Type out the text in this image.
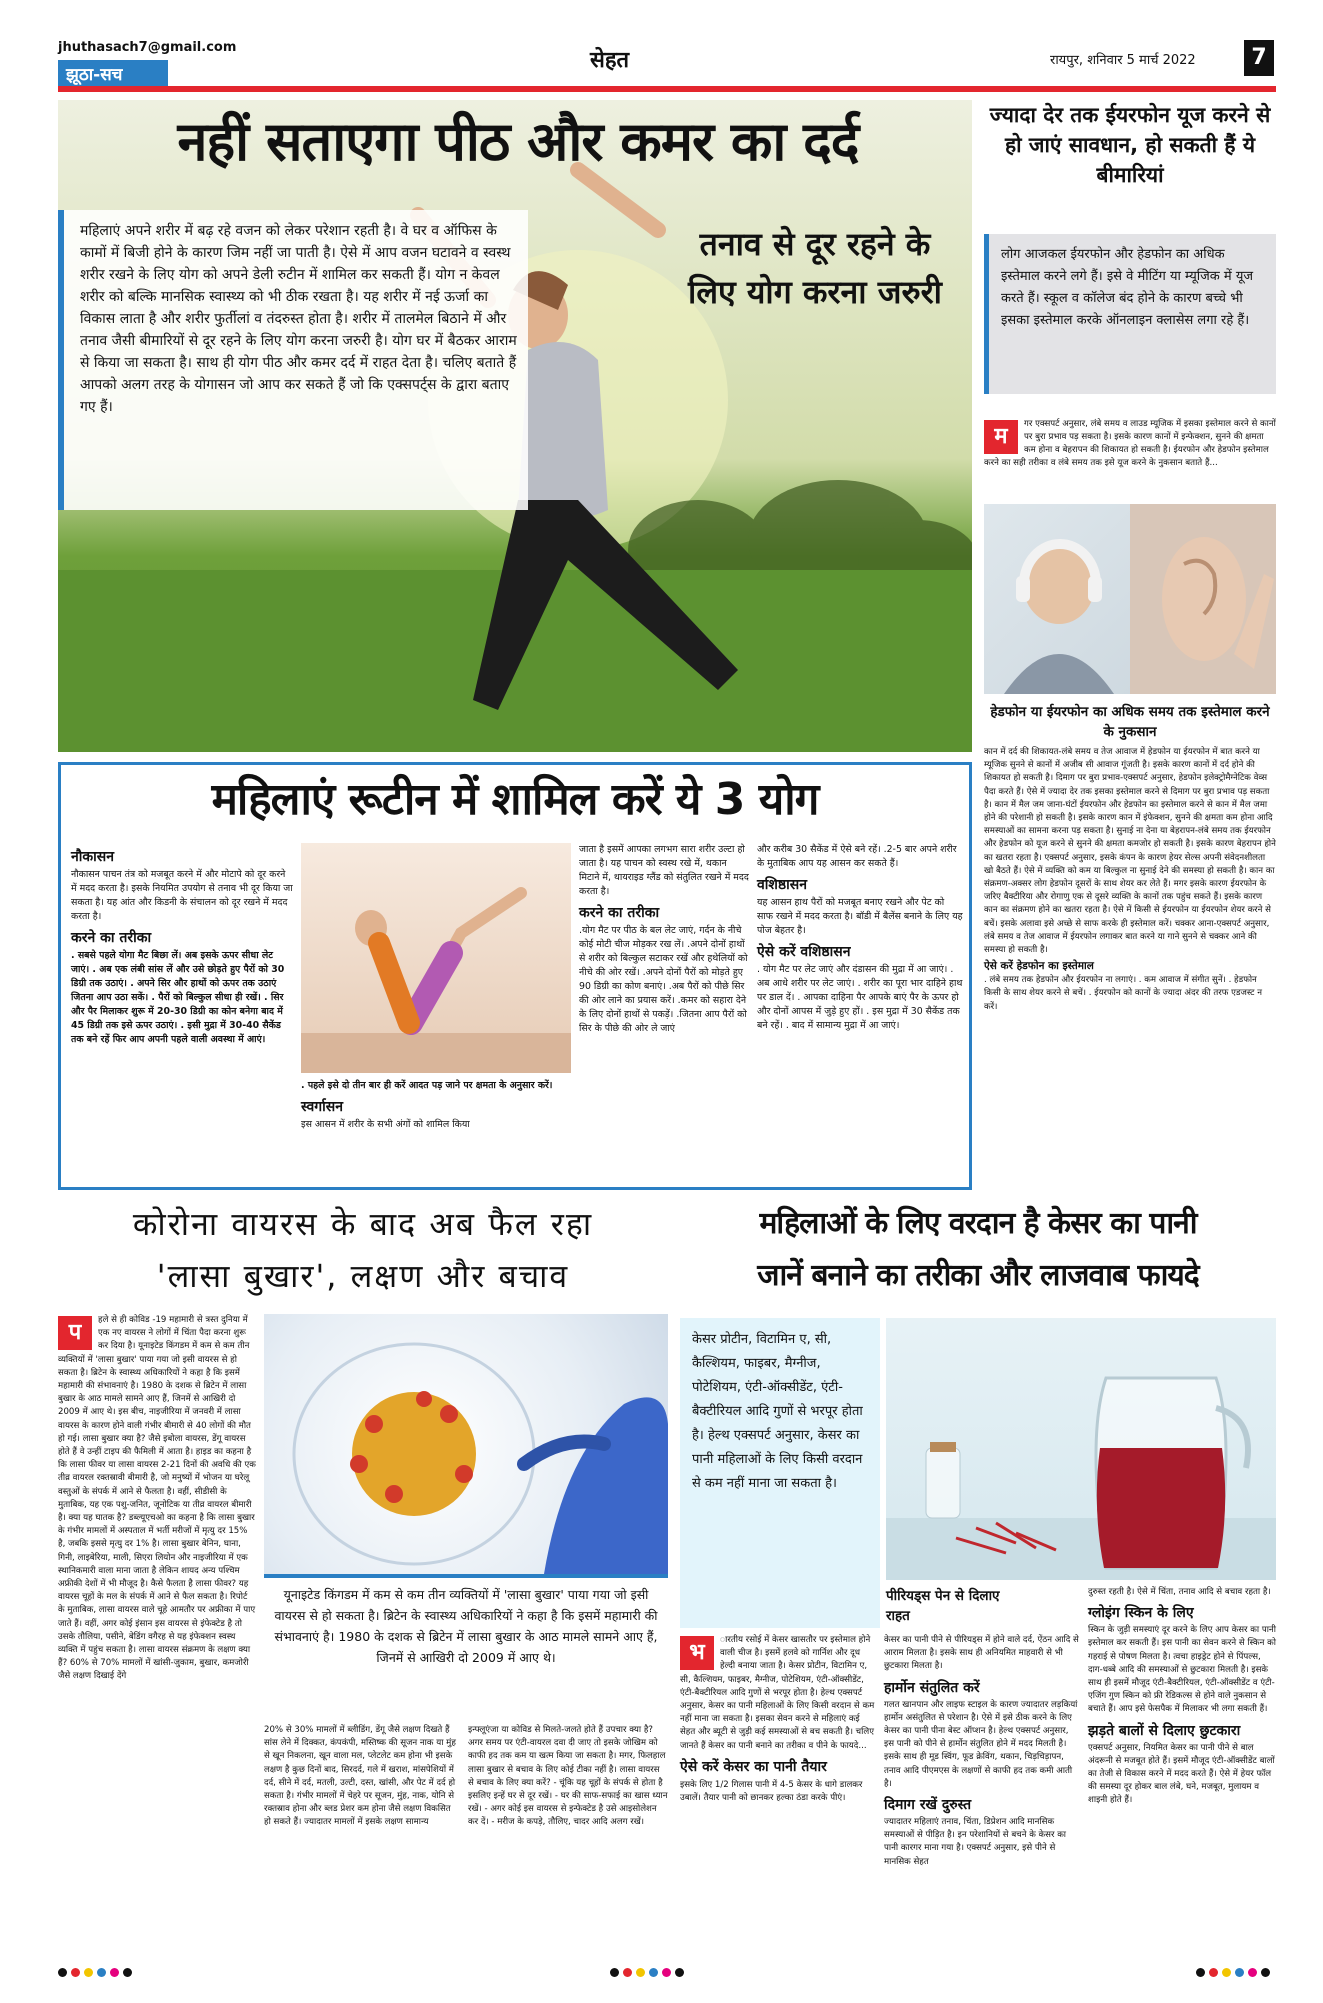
jhuthasach7@gmail.com
झूठा-सच
सेहत	रायपुर, शनिवार 5 मार्च 2022	7
नहीं सताएगा पीठ और कमर का दर्द
तनाव से दूर रहने के लिए योग करना जरुरी

महिलाएं अपने शरीर में बढ़ रहे वजन को लेकर परेशान रहती है। वे घर व ऑफिस के कामों में बिजी होने के कारण जिम नहीं जा पाती है। ऐसे में आप वजन घटावने व स्वस्थ शरीर रखने के लिए योग को अपने डेली रुटीन में शामिल कर सकती हैं। योग न केवल शरीर को बल्कि मानसिक स्वास्थ्य को भी ठीक रखता है। यह शरीर में नई ऊर्जा का विकास लाता है और शरीर फुर्तीलां व तंदरुस्त होता है। शरीर में तालमेल बिठाने में और तनाव जैसी बीमारियों से दूर रहने के लिए योग करना जरुरी है। योग घर में बैठकर आराम से किया जा सकता है। साथ ही योग पीठ और कमर दर्द में राहत देता है। चलिए बताते हैं आपको अलग तरह के योगासन जो आप कर सकते हैं जो कि एक्सपर्ट्स के द्वारा बताए गए हैं।

महिलाएं रूटीन में शामिल करें ये 3 योग
नौकासन

नौकासन पाचन तंत्र को मजबूत करने में और मोटापे को दूर करने में मदद करता है। इसके नियमित उपयोग से तनाव भी दूर किया जा सकता है। यह आंत और किडनी के संचालन को दूर रखने में मदद करता है।

करने का तरीका

. सबसे पहले योगा मैट बिछा लें। अब इसके ऊपर सीधा लेट जाएं। . अब एक लंबी सांस लें और उसे छोड़ते हुए पैरों को 30 डिग्री तक उठाएं। . अपने सिर और हाथों को ऊपर तक उठाएं जितना आप उठा सकें। . पैरों को बिल्कुल सीधा ही रखें। . सिर और पैर मिलाकर शुरू में 20-30 डिग्री का कोन बनेगा बाद में 45 डिग्री तक इसे ऊपर उठाएं। . इसी मुद्रा में 30-40 सैकेंड तक बने रहें फिर आप अपनी पहले वाली अवस्था में आएं।

. पहले इसे दो तीन बार ही करें आदत पड़ जाने पर क्षमता के अनुसार करें।

स्वर्गासन

इस आसन में शरीर के सभी अंगों को शामिल किया

जाता है इसमें आपका लगभग सारा शरीर उल्टा हो जाता है। यह पाचन को स्वस्थ रखे में, थकान मिटाने में, थायराइड ग्लैंड को संतुलित रखने में मदद करता है।

करने का तरीका

.योग मैट पर पीठ के बल लेट जाएं, गर्दन के नीचे कोई मोटी चीज मोड़कर रख लें। .अपने दोनों हाथों से शरीर को बिल्कुल सटाकर रखें और हथेलियों को नीचे की ओर रखें। .अपने दोनों पैरों को मोड़ते हुए 90 डिग्री का कोण बनाएं। .अब पैरों को पीछे सिर की ओर लाने का प्रयास करें। .कमर को सहारा देने के लिए दोनों हाथों से पकड़ें। .जितना आप पैरों को सिर के पीछे की ओर ले जाएं

और करीब 30 सैकेंड में ऐसे बने रहें। .2-5 बार अपने शरीर के मुताबिक आप यह आसन कर सकते हैं।

वशिष्ठासन

यह आसन हाथ पैरों को मजबूत बनाए रखने और पेट को साफ रखने में मदद करता है। बॉडी में बैलेंस बनाने के लिए यह पोज बेहतर है।

ऐसे करें वशिष्ठासन

. योग मैट पर लेट जाएं और दंडासन की मुद्रा में आ जाएं। . अब आधे शरीर पर लेट जाएं। . शरीर का पूरा भार दाहिने हाथ पर डाल दें। . आपका दाहिना पैर आपके बाएं पैर के ऊपर हो और दोनों आपस में जुड़े हुए हों। . इस मुद्रा में 30 सैकेंड तक बने रहें। . बाद में सामान्य मुद्रा में आ जाएं।

ज्यादा देर तक ईयरफोन यूज करने से हो जाएं सावधान, हो सकती हैं ये बीमारियां

लोग आजकल ईयरफोन और हेडफोन का अधिक इस्तेमाल करने लगे हैं। इसे वे मीटिंग या म्यूजिक में यूज करते हैं। स्कूल व कॉलेज बंद होने के कारण बच्चे भी इसका इस्तेमाल करके ऑनलाइन क्लासेस लगा रहे हैं।

म	गर एक्सपर्ट अनुसार, लंबे समय व लाउड म्यूजिक में इसका इस्तेमाल करने से कानों पर बुरा प्रभाव पड़ सकता है। इसके कारण कानों में इन्फेक्शन, सुनने की क्षमता कम होना व बेहरापन की शिकायत हो सकती है। ईयरफोन और हेडफोन इस्तेमाल करने का सही तरीका व लंबे समय तक इसे यूज करने के नुकसान बताते हैं...

हेडफोन या ईयरफोन का अधिक समय तक इस्तेमाल करने के नुकसान

कान में दर्द की शिकायत-लंबे समय व तेज आवाज में हेडफोन या ईयरफोन में बात करने या म्यूजिक सुनने से कानों में अजीब सी आवाज गूंजती है। इसके कारण कानों में दर्द होने की शिकायत हो सकती है। दिमाग पर बुरा प्रभाव-एक्सपर्ट अनुसार, हेडफोन इलेक्ट्रोमैग्नेटिक वेव्स पैदा करते हैं। ऐसे में ज्यादा देर तक इसका इस्तेमाल करने से दिमाग पर बुरा प्रभाव पड़ सकता है। कान में मैल जम जाना-घंटों ईयरफोन और हेडफोन का इस्तेमाल करने से कान में मैल जमा होने की परेशानी हो सकती है। इसके कारण कान में इंफेक्शन, सुनने की क्षमता कम होना आदि समस्याओं का सामना करना पड़ सकता है। सुनाई ना देना या बेहरापन-लंबे समय तक ईयरफोन और हेडफोन को यूज करने से सुनने की क्षमता कमजोर हो सकती है। इसके कारण बेहरापन होने का खतरा रहता है। एक्सपर्ट अनुसार, इसके कंपन के कारण हेयर सेल्स अपनी संवेदनशीलता खो बैठते हैं। ऐसे में व्यक्ति को कम या बिल्कुल ना सुनाई देने की समस्या हो सकती है। कान का संक्रमण-अक्सर लोग हेडफोन दूसरों के साथ शेयर कर लेते हैं। मगर इसके कारण ईयरफोन के जरिए बैक्टीरिया और रोगाणु एक से दूसरे व्यक्ति के कानों तक पहुंच सकते हैं। इसके कारण कान का संक्रमण होने का खतरा रहता है। ऐसे में किसी से ईयरफोन या ईयरफोन शेयर करने से बचें। इसके अलावा इसे अच्छे से साफ करके ही इस्तेमाल करें। चक्कर आना-एक्सपर्ट अनुसार, लंबे समय व तेज आवाज में ईयरफोन लगाकर बात करने या गाने सुनने से चक्कर आने की समस्या हो सकती है।

ऐसे करें हेडफोन का इस्तेमाल

. लंबे समय तक हेडफोन और ईयरफोन ना लगाएं। . कम आवाज में संगीत सुनें। . हेडफोन किसी के साथ शेयर करने से बचें। . ईयरफोन को कानों के ज्यादा अंदर की तरफ एडजस्ट न करें।

कोरोना वायरस के बाद अब फैल रहा
'लासा बुखार', लक्षण और बचाव
प	हले से ही कोविड -19 महामारी से त्रस्त दुनिया में एक नए वायरस ने लोगों में चिंता पैदा करना शुरू कर दिया है। यूनाइटेड किंगडम में कम से कम तीन व्यक्तियों में 'लासा बुखार' पाया गया जो इसी वायरस से हो सकता है। ब्रिटेन के स्वास्थ्य अधिकारियों ने कहा है कि इसमें महामारी की संभावनाएं है। 1980 के दशक से ब्रिटेन में लासा बुखार के आठ मामले सामने आए हैं, जिनमें से आखिरी दो 2009 में आए थे। इस बीच, नाइजीरिया में जनवरी में लासा वायरस के कारण होने वाली गंभीर बीमारी से 40 लोगों की मौत हो गई। लासा बुखार क्या है? जैसे इबोला वायरस, डेंगू वायरस होते हैं वे उन्हीं टाइप की फैमिली में आता है। हाइड का कहना है कि लासा फीवर या लासा वायरस 2-21 दिनों की अवधि की एक तीव्र वायरल रक्तस्रावी बीमारी है, जो मनुष्यों में भोजन या घरेलू वस्तुओं के संपर्क में आने से फैलता है। वहीं, सीडीसी के मुताबिक, यह एक पशु-जनित, जूनोटिक या तीव्र वायरल बीमारी है। क्या यह घातक है? डब्ल्यूएचओ का कहना है कि लासा बुखार के गंभीर मामलों में अस्पताल में भर्ती मरीजों में मृत्यु दर 15% है, जबकि इससे मृत्यु दर 1% है। लासा बुखार बेनिन, घाना, गिनी, लाइबेरिया, माली, सिएरा लियोन और नाइजीरिया में एक स्थानिकमारी वाला माना जाता है लेकिन शायद अन्य पश्चिम अफ्रीकी देशों में भी मौजूद है। कैसे फैलता है लासा फीवर? यह वायरस चूहों के मल के संपर्क में आने से फैल सकता है। रिपोर्ट के मुताबिक, लासा वायरस वाले चूहे आमतौर पर अफ्रीका में पाए जाते हैं। वहीं, अगर कोई इंसान इस वायरस से इंफेक्टेड है तो उसके तौलिया, पसीने, बेडिंग वगैरह से यह इंफेक्शन स्वस्थ व्यक्ति में पहुंच सकता है। लासा वायरस संक्रमण के लक्षण क्या हैं? 60% से 70% मामलों में खांसी-जुकाम, बुखार, कमजोरी जैसे लक्षण दिखाई देंगे

यूनाइटेड किंगडम में कम से कम तीन व्यक्तियों में 'लासा बुखार' पाया गया जो इसी वायरस से हो सकता है। ब्रिटेन के स्वास्थ्य अधिकारियों ने कहा है कि इसमें महामारी की संभावनाएं है। 1980 के दशक से ब्रिटेन में लासा बुखार के आठ मामले सामने आए हैं, जिनमें से आखिरी दो 2009 में आए थे।

20% से 30% मामलों में ब्लीडिंग, डेंगू जैसे लक्षण दिखते हैं सांस लेने में दिक्कत, कंपकंपी, मस्तिष्क की सूजन नाक या मुंह से खून निकलना, खून वाला मल, प्लेटलेट कम होना भी इसके लक्षण है कुछ दिनों बाद, सिरदर्द, गले में खराश, मांसपेशियों में दर्द, सीने में दर्द, मतली, उल्टी, दस्त, खांसी, और पेट में दर्द हो सकता है। गंभीर मामलों में चेहरे पर सूजन, मुंह, नाक, योनि से रक्तस्राव होना और ब्लड प्रेशर कम होना जैसे लक्षण विकसित हो सकते हैं। ज्यादातर मामलों में इसके लक्षण सामान्य

इन्फ्लूएंजा या कोविड से मिलते-जलते होते हैं उपचार क्या है? अगर समय पर एंटी-वायरल दवा दी जाए तो इसके जोखिम को काफी हद तक कम या खत्म किया जा सकता है। मगर, फिलहाल लासा बुखार से बचाव के लिए कोई टीका नहीं है। लासा वायरस से बचाव के लिए क्या करें? - चूंकि यह चूहों के संपर्क से होता है इसलिए इन्हें घर से दूर रखें। - घर की साफ-सफाई का खास ध्यान रखें। - अगर कोई इस वायरस से इन्फेक्टेड है उसे आइसोलेशन कर दें। - मरीज के कपड़े, तौलिए, चादर आदि अलग रखें।

महिलाओं के लिए वरदान है केसर का पानी
जानें बनाने का तरीका और लाजवाब फायदे

केसर प्रोटीन, विटामिन ए, सी, कैल्शियम, फाइबर, मैग्नीज, पोटेशियम, एंटी-ऑक्सीडेंट, एंटी-बैक्टीरियल आदि गुणों से भरपूर होता है। हेल्थ एक्सपर्ट अनुसार, केसर का पानी महिलाओं के लिए किसी वरदान से कम नहीं माना जा सकता है।

पीरियड्स पेन से दिलाए राहत
भ	ारतीय रसोई में केसर खासतौर पर इस्तेमाल होने वाली चीज है। इसमें हलवे को गार्निश और दूध हेल्दी बनाया जाता है। केसर प्रोटीन, विटामिन ए, सी, कैल्शियम, फाइबर, मैग्नीज, पोटेशियम, एंटी-ऑक्सीडेंट, एंटी-बैक्टीरियल आदि गुणों से भरपूर होता है। हेल्थ एक्सपर्ट अनुसार, केसर का पानी महिलाओं के लिए किसी वरदान से कम नहीं माना जा सकता है। इसका सेवन करने से महिलाएं कई सेहत और ब्यूटी से जुड़ी कई समस्याओं से बच सकती है। चलिए जानते हैं केसर का पानी बनाने का तरीका व पीने के फायदे...

ऐसे करें केसर का पानी तैयार

इसके लिए 1/2 गिलास पानी में 4-5 केसर के धागे डालकर उबालें। तैयार पानी को छानकर हल्का ठंडा करके पीएं।

केसर का पानी पीने से पीरियड्स में होने वाले दर्द, ऐंठन आदि से आराम मिलता है। इसके साथ ही अनियमित माहवारी से भी छुटकारा मिलता है।

हार्मोन संतुलित करें

गलत खानपान और लाइफ स्टाइल के कारण ज्यादातर लड़कियां हार्मोन असंतुलित से परेशान है। ऐसे में इसे ठीक करने के लिए केसर का पानी पीना बेस्ट ऑप्शन है। हेल्थ एक्सपर्ट अनुसार, इस पानी को पीने से हार्मोन संतुलित होने में मदद मिलती है। इसके साथ ही मूड स्विंग, फूड क्रेविंग, थकान, चिड़चिड़ापन, तनाव आदि पीएमएस के लक्षणों से काफी हद तक कमी आती है।

दिमाग रखें दुरुस्त

ज्यादातर महिलाएं तनाव, चिंता, डिप्रेशन आदि मानसिक समस्याओं से पीड़ित है। इन परेशानियों से बचने के केसर का पानी कारगर माना गया है। एक्सपर्ट अनुसार, इसे पीने से मानसिक सेहत

दुरुस्त रहती है। ऐसे में चिंता, तनाव आदि से बचाव रहता है।

ग्लोइंग स्किन के लिए

स्किन के जुड़ी समस्याएं दूर करने के लिए आप केसर का पानी इस्तेमाल कर सकती हैं। इस पानी का सेवन करने से स्किन को गहराई से पोषण मिलता है। त्वचा हाइड्रेट होने से पिंपल्स, दाग-धब्बे आदि की समस्याओं से छुटकारा मिलती है। इसके साथ ही इसमें मौजूद एंटी-बैक्टीरियल, एंटी-ऑक्सीडेंट व एंटी-एजिंग गुण स्किन को फ्री रेडिकल्स से होने वाले नुकसान से बचाते हैं। आप इसे फेसपैक में मिलाकर भी लगा सकती हैं।

झड़ते बालों से दिलाए छुटकारा

एक्सपर्ट अनुसार, नियमित केसर का पानी पीने से बाल अंदरूनी से मजबूत होते हैं। इसमें मौजूद एंटी-ऑक्सीडेंट बालों का तेजी से विकास करने में मदद करते हैं। ऐसे में हेयर फॉल की समस्या दूर होकर बाल लंबे, घने, मजबूत, मुलायम व शाइनी होते हैं।
